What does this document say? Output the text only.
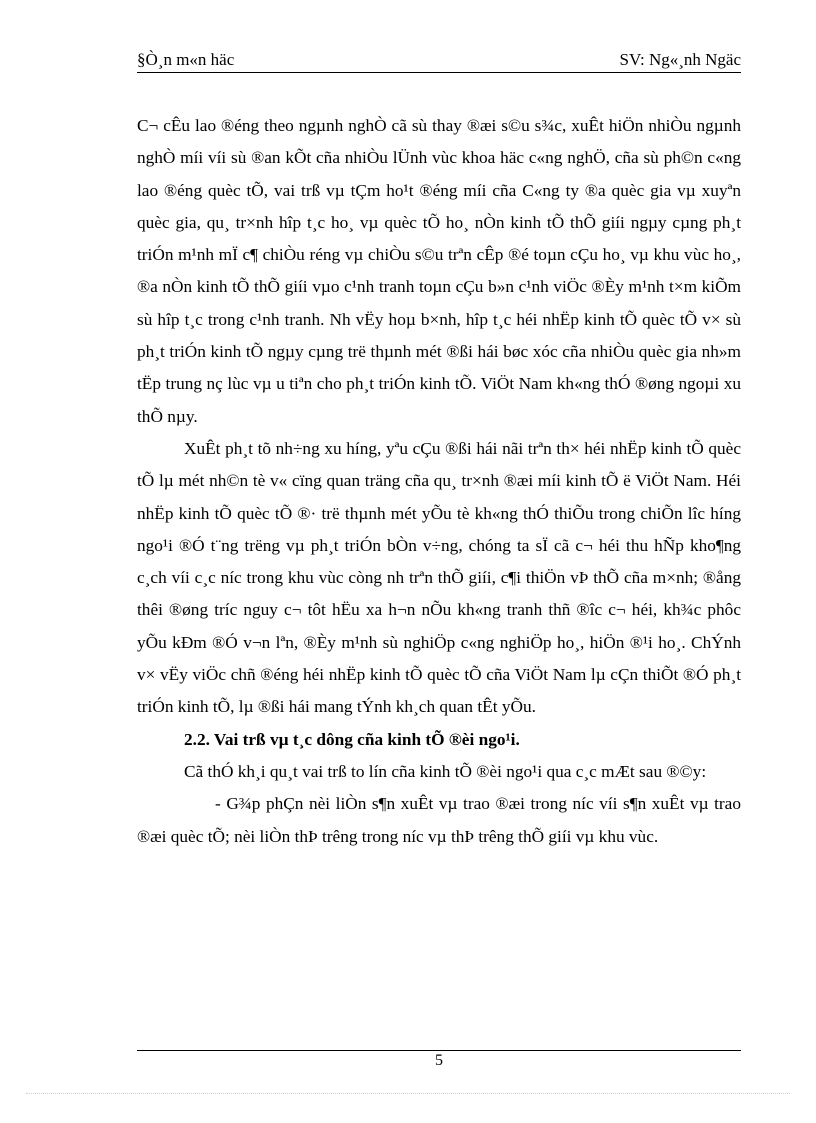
§Ò¸n m«n häc	SV: Ng«¸nh Ngäc

C¬ cÊu lao ®éng theo ngµnh nghÒ cã sù thay ®æi s©u s¾c, xuÊt hiÖn nhiÒu ngµnh nghÒ míi víi sù ®an kÕt cña nhiÒu lÜnh vùc khoa häc c«ng nghÖ, cña sù ph©n c«ng lao ®éng quèc tÕ, vai trß vµ tÇm ho¹t ®éng míi cña C«ng ty ®a quèc gia vµ xuyªn quèc gia, qu¸ tr×nh hîp t¸c ho¸ vµ quèc tÕ ho¸ nÒn kinh tÕ thÕ giíi ngµy cµng ph¸t triÓn m¹nh mÏ c¶ chiÒu réng vµ chiÒu s©u trªn cÊp ®é toµn cÇu ho¸ vµ khu vùc ho¸, ®a nÒn kinh tÕ thÕ giíi vµo c¹nh tranh toµn cÇu b»n c¹nh viÖc ®Èy m¹nh t×m kiÕm sù hîp t¸c trong c¹nh tranh. Nh vËy hoµ b×nh, hîp t¸c héi nhËp kinh tÕ quèc tÕ v× sù ph¸t triÓn kinh tÕ ngµy cµng trë thµnh mét ®ßi hái bøc xóc cña nhiÒu quèc gia nh»m tËp trung nç lùc vµ u tiªn cho ph¸t triÓn kinh tÕ. ViÖt Nam kh«ng thÓ ®øng ngoµi xu thÕ nµy.

XuÊt ph¸t tõ nh÷ng xu híng, yªu cÇu ®ßi hái nãi trªn th× héi nhËp kinh tÕ quèc tÕ lµ mét nh©n tè v« cïng quan träng cña qu¸ tr×nh ®æi míi kinh tÕ ë ViÖt Nam. Héi nhËp kinh tÕ quèc tÕ ®· trë thµnh mét yÕu tè kh«ng thÓ thiÕu trong chiÕn lîc híng ngo¹i ®Ó t¨ng trëng vµ ph¸t triÓn bÒn v÷ng, chóng ta sÏ cã c¬ héi thu hÑp kho¶ng c¸ch víi c¸c níc trong khu vùc còng nh trªn thÕ giíi, c¶i thiÖn vÞ thÕ cña m×nh; ®ång thêi ®øng tríc nguy c¬ tôt hËu xa h¬n nÕu kh«ng tranh thñ ®îc c¬ héi, kh¾c phôc yÕu kÐm ®Ó v¬n lªn, ®Èy m¹nh sù nghiÖp c«ng nghiÖp ho¸, hiÖn ®¹i ho¸. ChÝnh v× vËy viÖc chñ ®éng héi nhËp kinh tÕ quèc tÕ cña ViÖt Nam lµ cÇn thiÕt ®Ó ph¸t triÓn kinh tÕ, lµ ®ßi hái mang tÝnh kh¸ch quan tÊt yÕu.

2.2. Vai trß vµ t¸c dông cña kinh tÕ ®èi ngo¹i.

Cã thÓ kh¸i qu¸t vai trß to lín cña kinh tÕ ®èi ngo¹i qua c¸c mÆt sau ®©y:

- G¾p phÇn nèi liÒn s¶n xuÊt vµ trao ®æi trong níc víi s¶n xuÊt vµ trao ®æi quèc tÕ; nèi liÒn thÞ trêng trong níc vµ thÞ trêng thÕ giíi vµ khu vùc.

5
